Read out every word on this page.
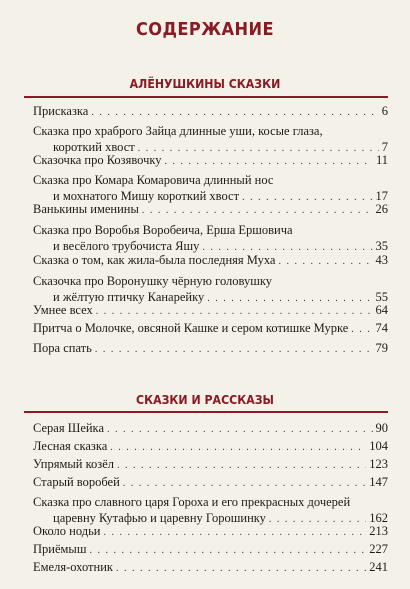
СОДЕРЖАНИЕ
АЛЁНУШКИНЫ СКАЗКИ
СКАЗКИ И РАССКАЗЫ
Присказка . . .	6
Сказка про храброго Зайца длинные уши, косые глаза,
короткий хвост . . .	7
Сказочка про Козявочку . . .	11
Сказка про Комара Комаровича длинный нос
и мохнатого Мишу короткий хвост . . .	17
Ванькины именины . . .	26
Сказка про Воробья Воробеича, Ерша Ершовича
и весёлого трубочиста Яшу . . .	35
Сказка о том, как жила-была последняя Муха . . .	43
Сказочка про Воронушку чёрную головушку
и жёлтую птичку Канарейку . . .	55
Умнее всех . . .	64
Притча о Молочке, овсяной Кашке и сером котишке Мурке . . . 74
Пора спать . . .	79
Серая Шейка . . .	90
Лесная сказка . . .	104
Упрямый козёл . . .	123
Старый воробей . . .	147
Сказка про славного царя Гороха и его прекрасных дочерей
царевну Кутафью и царевну Горошинку . . .	162
Около нодьи . . .	213
Приёмыш . . .	227
Емеля-охотник . . .	241
